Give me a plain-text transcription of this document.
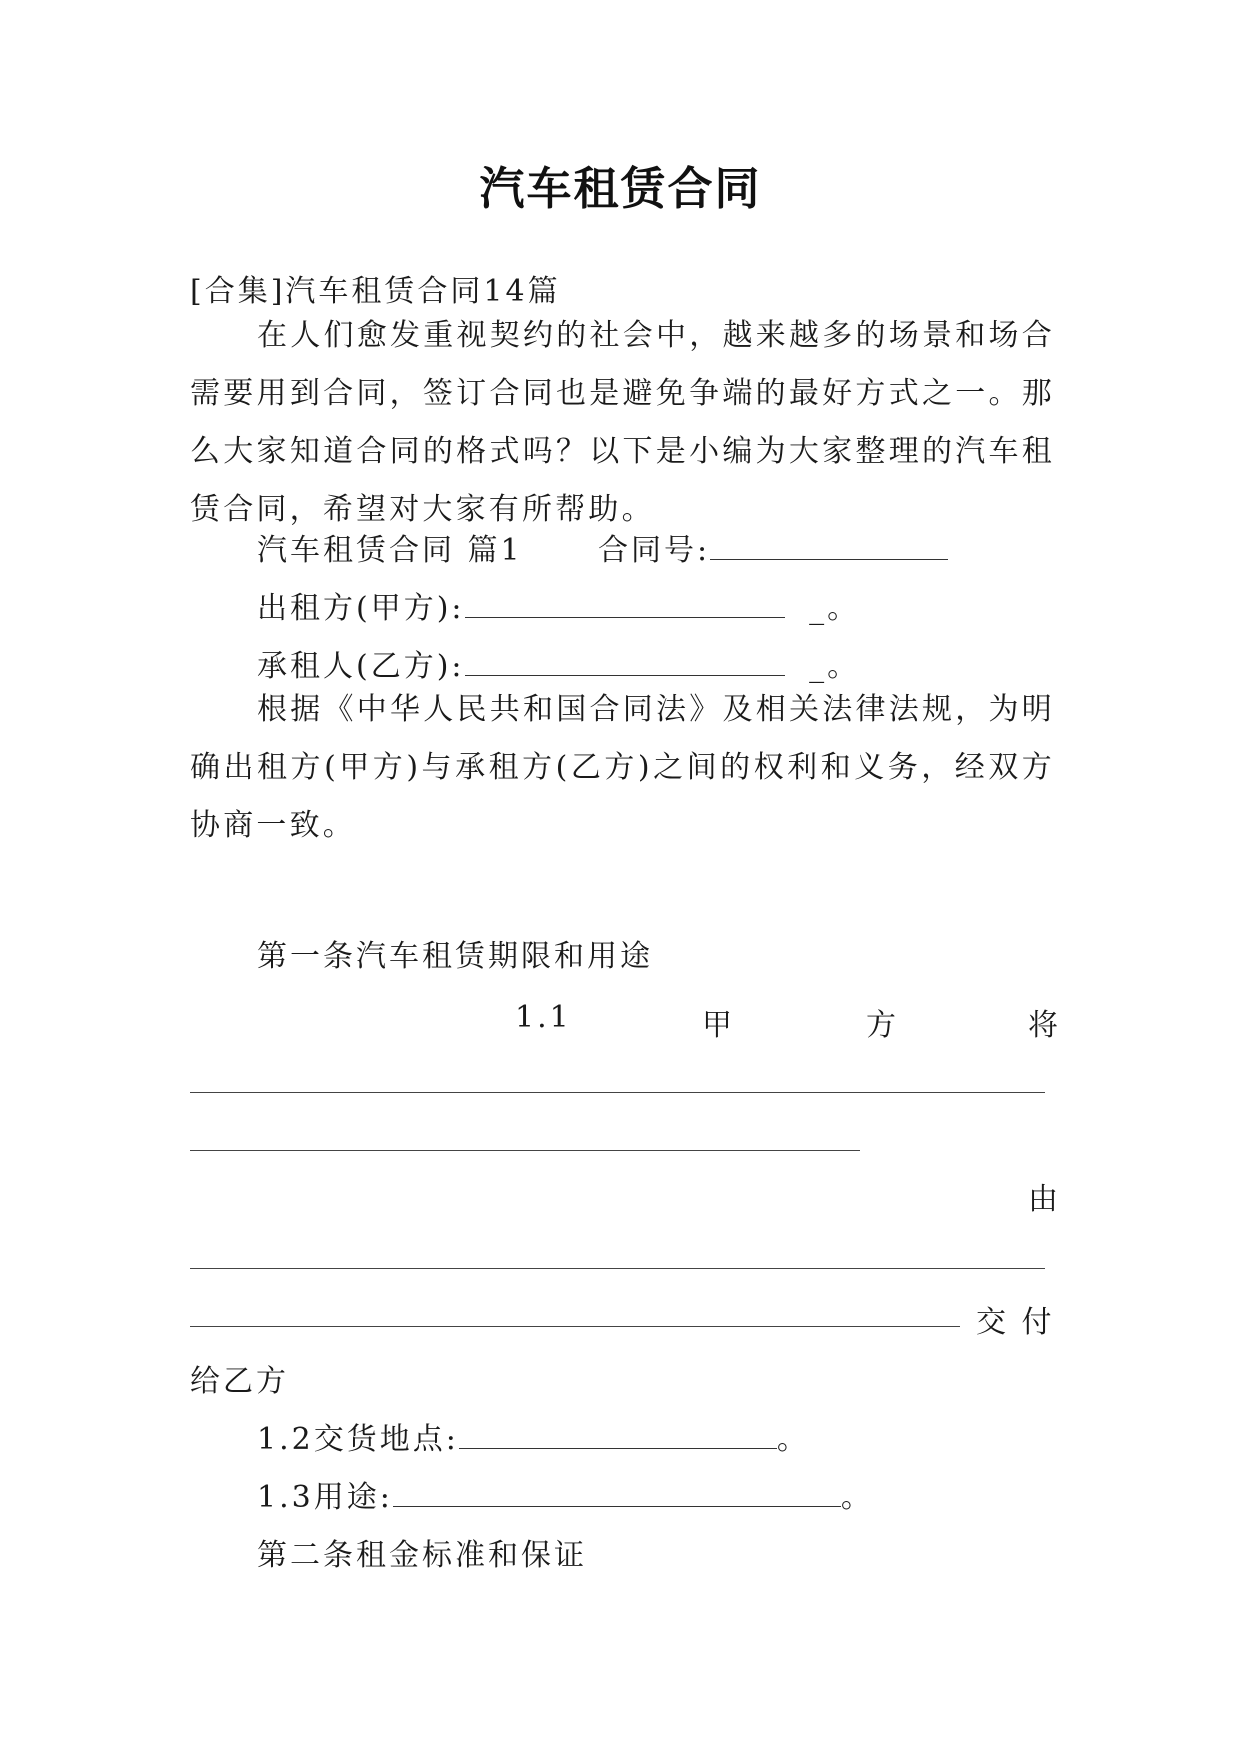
汽车租赁合同
[合集]汽车租赁合同14篇
在人们愈发重视契约的社会中，越来越多的场景和场合需要用到合同，签订合同也是避免争端的最好方式之一。那么大家知道合同的格式吗？以下是小编为大家整理的汽车租赁合同，希望对大家有所帮助。
汽车租赁合同 篇1	合同号:
出租方(甲方):	_。
承租人(乙方):	_。
根据《中华人民共和国合同法》及相关法律法规，为明确出租方(甲方)与承租方(乙方)之间的权利和义务，经双方协商一致。
第一条汽车租赁期限和用途
1.1	甲	方	将
由
交 付
给乙方
1.2交货地点:	。
1.3用途:	。
第二条租金标准和保证
